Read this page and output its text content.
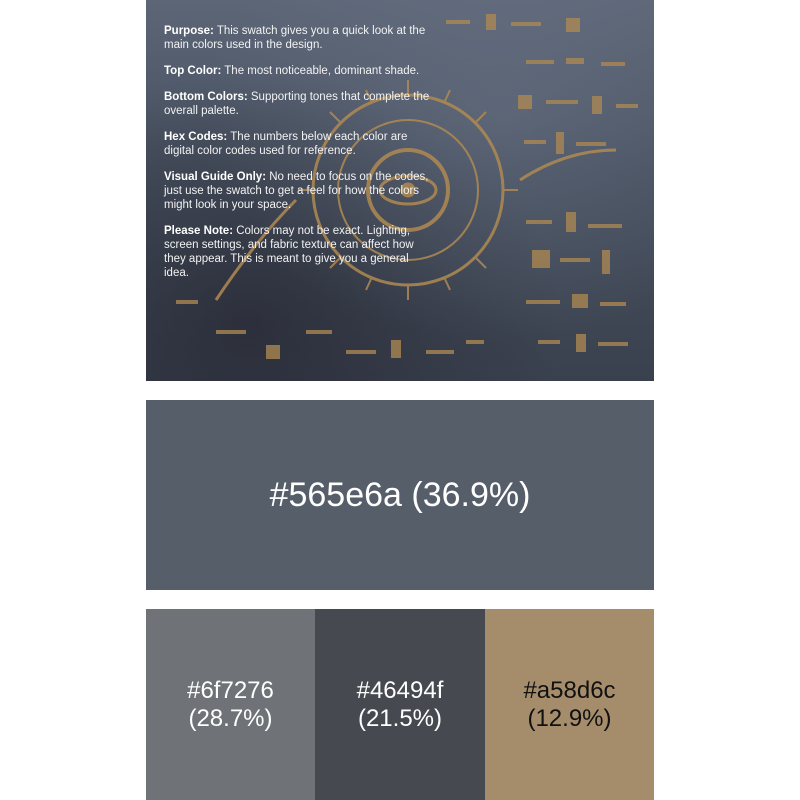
Purpose: This swatch gives you a quick look at the main colors used in the design.

Top Color: The most noticeable, dominant shade.

Bottom Colors: Supporting tones that complete the overall palette.

Hex Codes: The numbers below each color are digital color codes used for reference.

Visual Guide Only: No need to focus on the codes, just use the swatch to get a feel for how the colors might look in your space.

Please Note: Colors may not be exact. Lighting, screen settings, and fabric texture can affect how they appear. This is meant to give you a general idea.

#565e6a (36.9%)
#6f7276
(28.7%)
#46494f
(21.5%)
#a58d6c
(12.9%)
